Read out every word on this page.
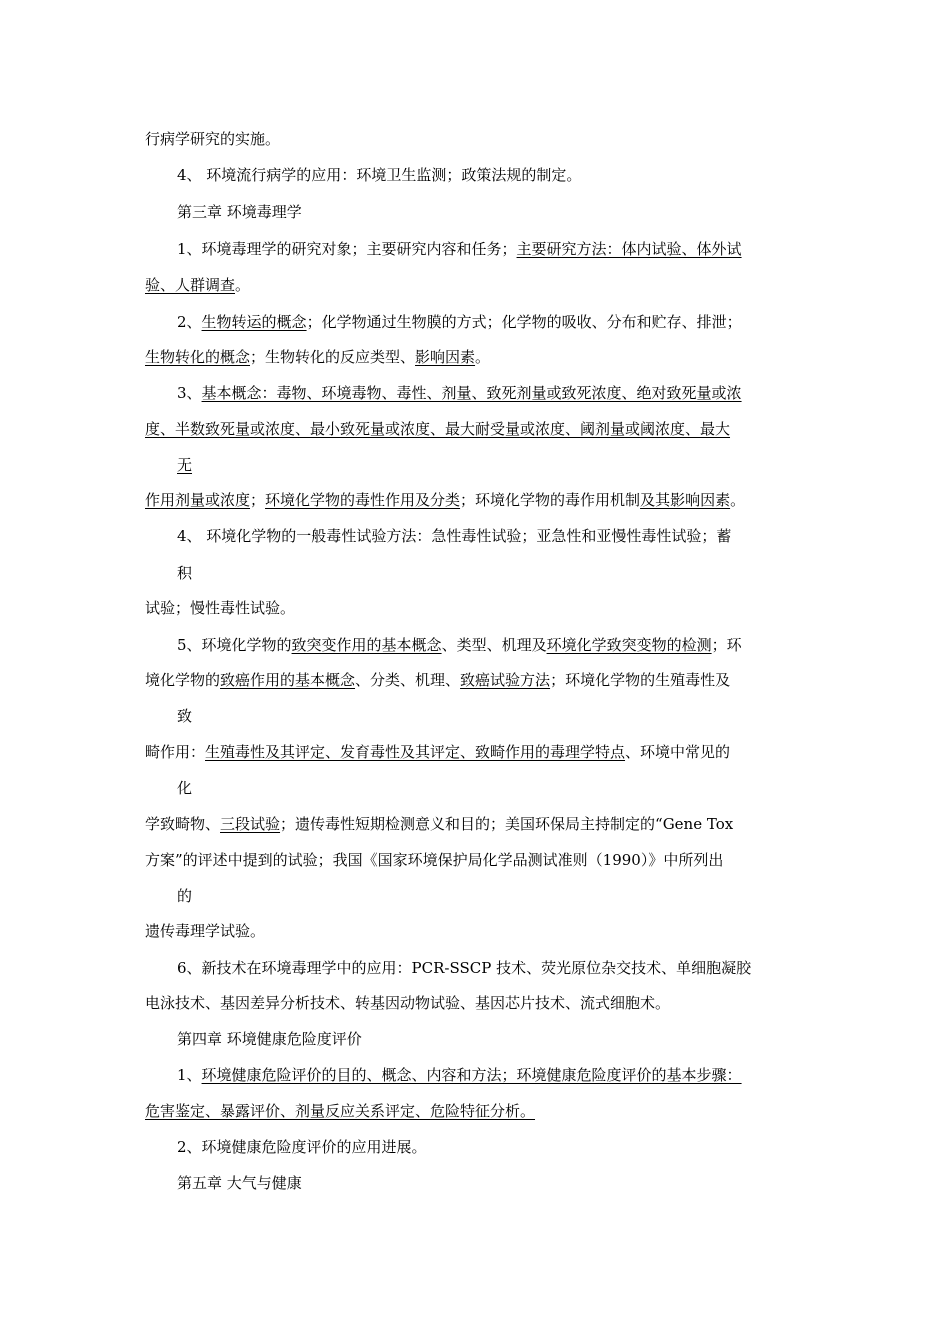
行病学研究的实施。
4、 环境流行病学的应用：环境卫生监测；政策法规的制定。
第三章 环境毒理学
1、环境毒理学的研究对象；主要研究内容和任务；主要研究方法：体内试验、体外试
验、人群调查。
2、生物转运的概念；化学物通过生物膜的方式；化学物的吸收、分布和贮存、排泄；
生物转化的概念；生物转化的反应类型、影响因素。
3、基本概念：毒物、环境毒物、毒性、剂量、致死剂量或致死浓度、绝对致死量或浓
度、半数致死量或浓度、最小致死量或浓度、最大耐受量或浓度、阈剂量或阈浓度、最大
无
作用剂量或浓度；环境化学物的毒性作用及分类；环境化学物的毒作用机制及其影响因素。
4、 环境化学物的一般毒性试验方法：急性毒性试验；亚急性和亚慢性毒性试验；蓄
积
试验；慢性毒性试验。
5、环境化学物的致突变作用的基本概念、类型、机理及环境化学致突变物的检测；环
境化学物的致癌作用的基本概念、分类、机理、致癌试验方法；环境化学物的生殖毒性及
致
畸作用：生殖毒性及其评定、发育毒性及其评定、致畸作用的毒理学特点、环境中常见的
化
学致畸物、三段试验；遗传毒性短期检测意义和目的；美国环保局主持制定的“Gene Tox
方案”的评述中提到的试验；我国《国家环境保护局化学品测试准则（1990）》中所列出
的
遗传毒理学试验。
6、新技术在环境毒理学中的应用：PCR-SSCP 技术、荧光原位杂交技术、单细胞凝胶
电泳技术、基因差异分析技术、转基因动物试验、基因芯片技术、流式细胞术。
第四章 环境健康危险度评价
1、环境健康危险评价的目的、概念、内容和方法；环境健康危险度评价的基本步骤：
危害鉴定、暴露评价、剂量反应关系评定、危险特征分析。
2、环境健康危险度评价的应用进展。
第五章 大气与健康
